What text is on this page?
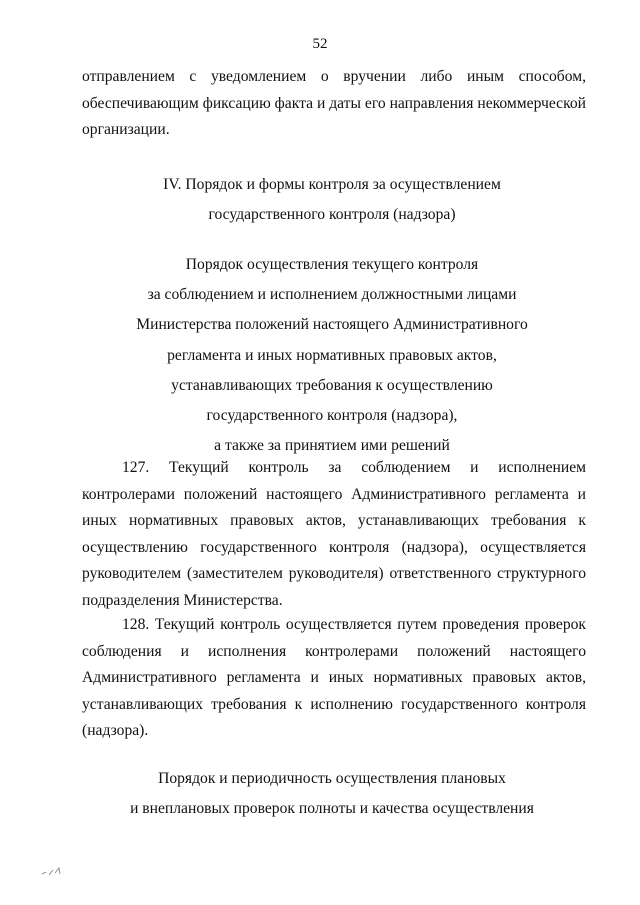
52
отправлением с уведомлением о вручении либо иным способом, обеспечивающим фиксацию факта и даты его направления некоммерческой организации.
IV. Порядок и формы контроля за осуществлением
государственного контроля (надзора)
Порядок осуществления текущего контроля
за соблюдением и исполнением должностными лицами
Министерства положений настоящего Административного
регламента и иных нормативных правовых актов,
устанавливающих требования к осуществлению
государственного контроля (надзора),
а также за принятием ими решений
127. Текущий контроль за соблюдением и исполнением контролерами положений настоящего Административного регламента и иных нормативных правовых актов, устанавливающих требования к осуществлению государственного контроля (надзора), осуществляется руководителем (заместителем руководителя) ответственного структурного подразделения Министерства.
128. Текущий контроль осуществляется путем проведения проверок соблюдения и исполнения контролерами положений настоящего Административного регламента и иных нормативных правовых актов, устанавливающих требования к исполнению государственного контроля (надзора).
Порядок и периодичность осуществления плановых
и внеплановых проверок полноты и качества осуществления
